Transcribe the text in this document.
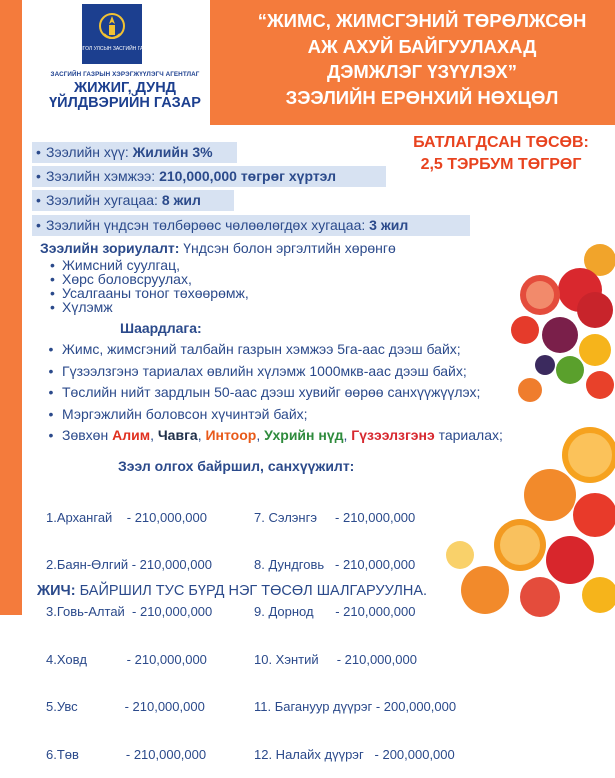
МОНГОЛ УЛСЫН ЗАСГИЙН ГАЗАР
ЗАСГИЙН ГАЗРЫН ХЭРЭГЖҮҮЛЭГЧ АГЕНТЛАГ
ЖИЖИГ, ДУНД
ҮЙЛДВЭРИЙН ГАЗАР
“ЖИМС, ЖИМСГЭНИЙ ТӨРӨЛЖСӨН
АЖ АХУЙ БАЙГУУЛАХАД
ДЭМЖЛЭГ ҮЗҮҮЛЭХ”
ЗЭЭЛИЙН ЕРӨНХИЙ НӨХЦӨЛ
БАТЛАГДСАН ТӨСӨВ:
2,5 ТЭРБУМ ТӨГРӨГ
• Зээлийн хүү: Жилийн 3%
• Зээлийн хэмжээ: 210,000,000 төгрөг хүртэл
• Зээлийн хугацаа: 8 жил
• Зээлийн үндсэн төлбөрөөс чөлөөлөгдөх хугацаа: 3 жил
Зээлийн зориулалт: Үндсэн болон эргэлтийн хөрөнгө
• Жимсний суулгац,
• Хөрс боловсруулах,
• Усалгааны тоног төхөөрөмж,
• Хүлэмж
Шаардлага:
• Жимс, жимсгэний талбайн газрын хэмжээ 5га-аас дээш байх;
• Гүзээлзгэнэ тариалах өвлийн хүлэмж 1000мкв-аас дээш байх;
• Төслийн нийт зардлын 50-аас дээш хувийг өөрөө санхүүжүүлэх;
• Мэргэжлийн боловсон хүчинтэй байх;
• Зөвхөн Алим, Чавга, Интоор, Ухрийн нүд, Гүзээлзгэнэ тариалах;
Зээл олгох байршил, санхүүжилт:

1.Архангай    - 210,000,000

2.Баян-Өлгий - 210,000,000

3.Говь-Алтай  - 210,000,000

4.Ховд           - 210,000,000

5.Увс             - 210,000,000

6.Төв             - 210,000,000

7. Сэлэнгэ     - 210,000,000

8. Дундговь   - 210,000,000

9. Дорнод      - 210,000,000

10. Хэнтий     - 210,000,000

11. Багануур дүүрэг - 200,000,000

12. Налайх дүүрэг   - 200,000,000

ЖИЧ: БАЙРШИЛ ТУС БҮРД НЭГ ТӨСӨЛ ШАЛГАРУУЛНА.
